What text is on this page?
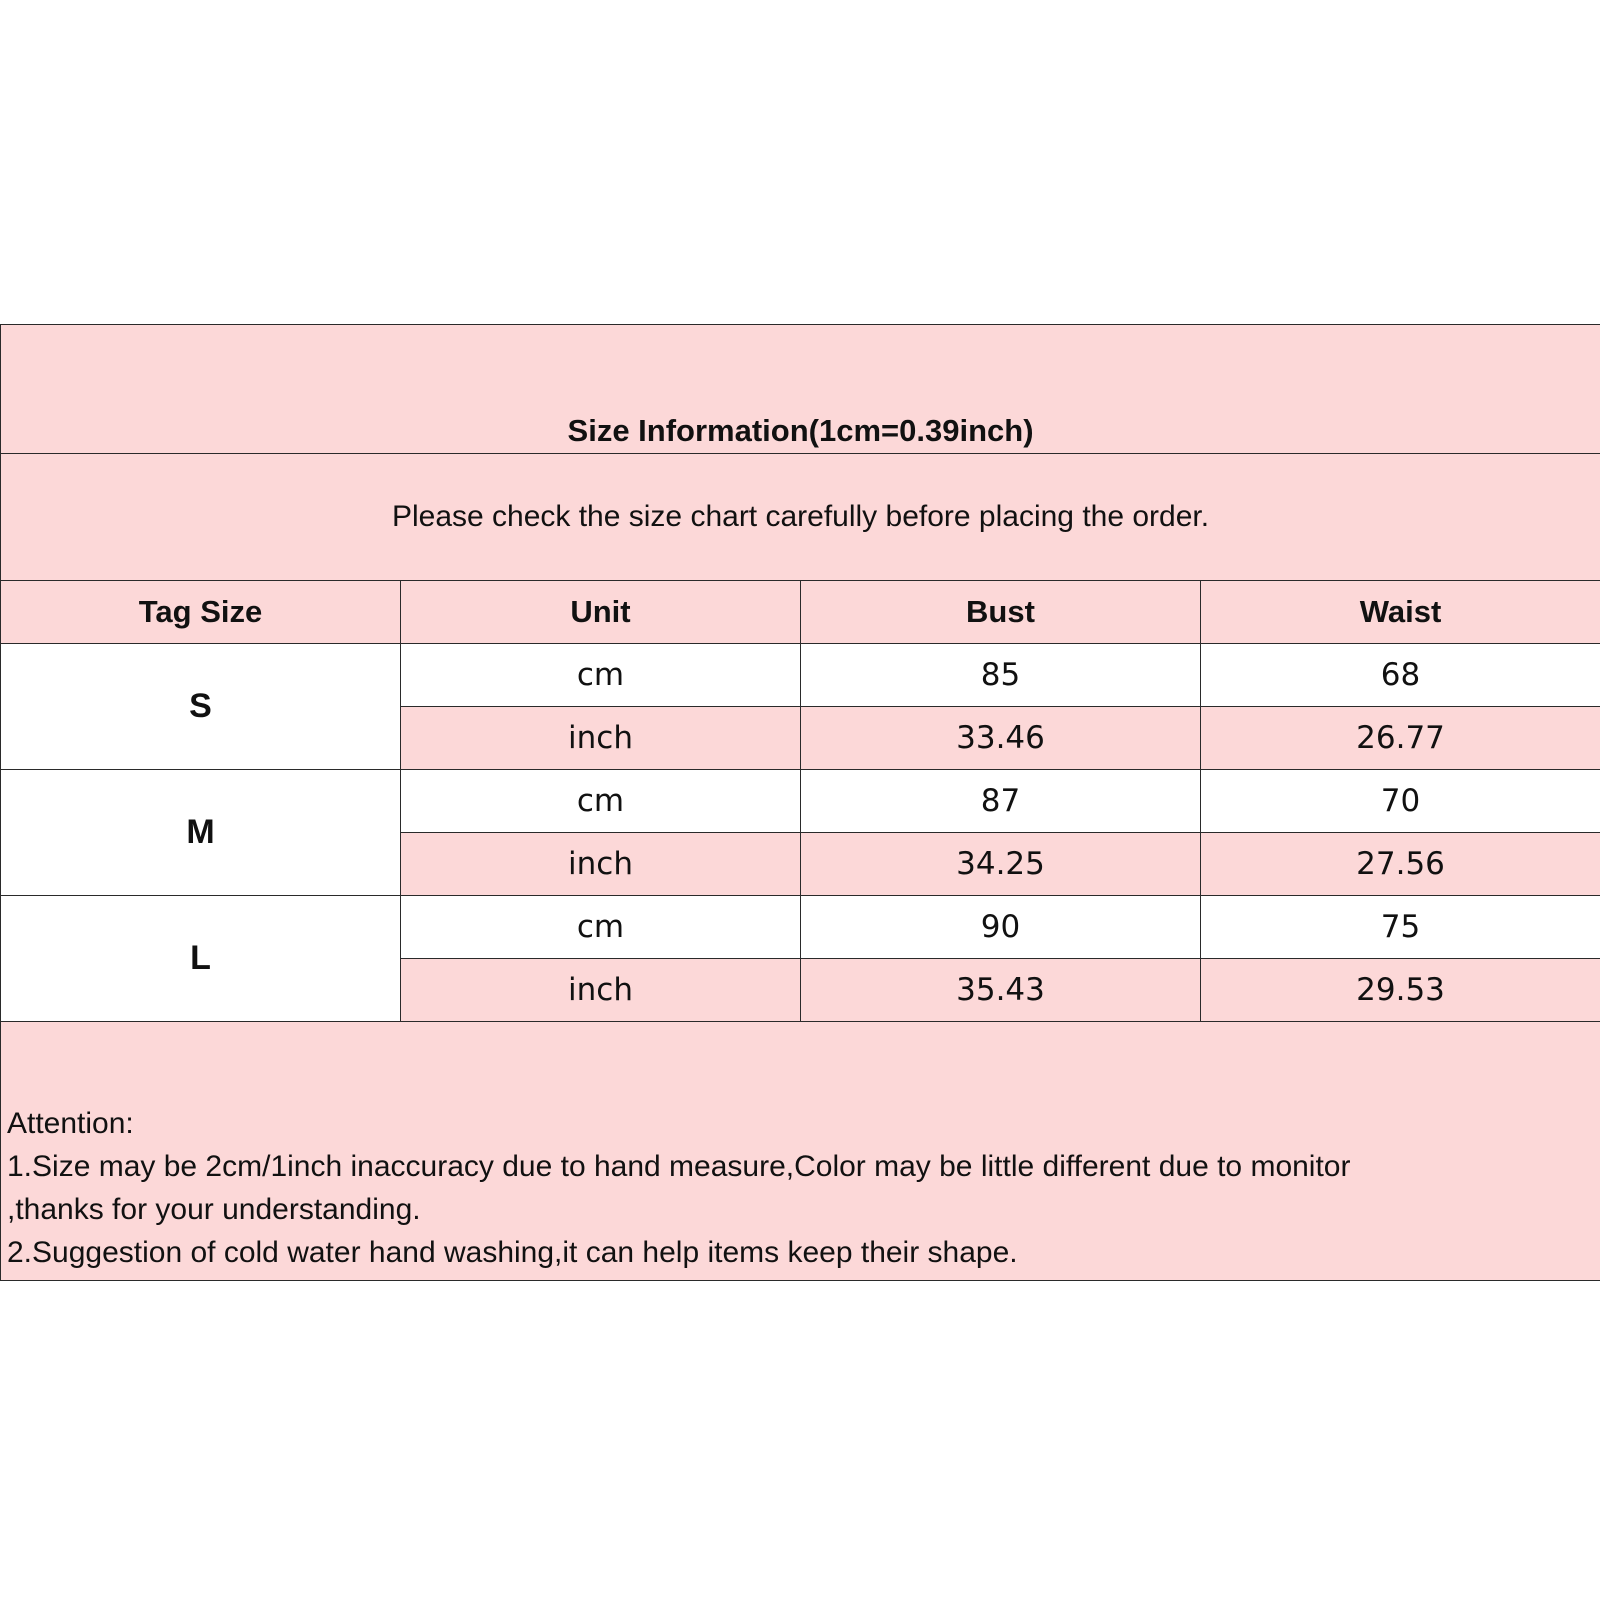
Size Information(1cm=0.39inch)			
Please check the size chart carefully before placing the order.			
Tag Size	Unit	Bust	Waist
S	cm	85	68
	inch	33.46	26.77
M	cm	87	70
	inch	34.25	27.56
L	cm	90	75
	inch	35.43	29.53

Attention:
1.Size may be 2cm/1inch inaccuracy due to hand measure,Color may be little different due to monitor
,thanks for your understanding.
2.Suggestion of cold water hand washing,it can help items keep their shape.			
